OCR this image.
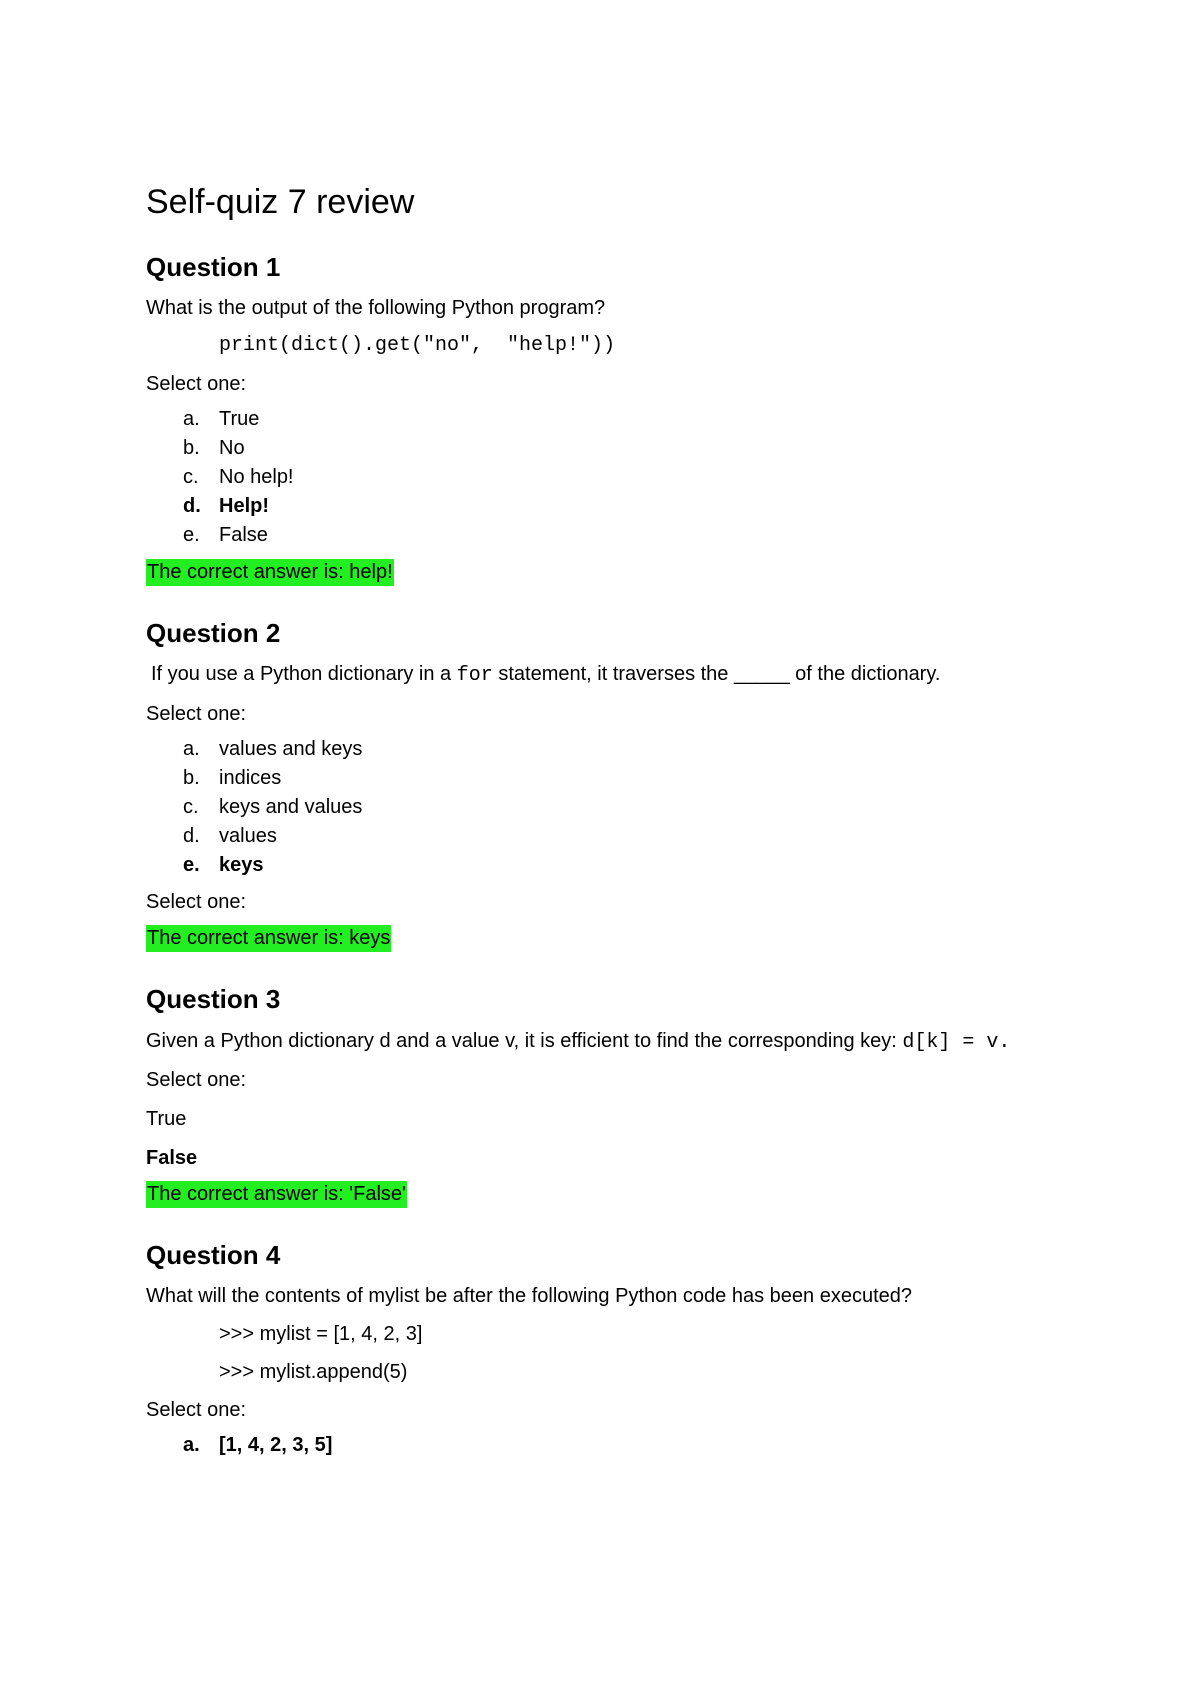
Self-quiz 7 review
Question 1

What is the output of the following Python program?

print(dict().get("no",  "help!"))

Select one:

a. True
b. No
c.	No help!
d. Help!
e. False
The correct answer is: help!
Question 2

If you use a Python dictionary in a for statement, it traverses the _____ of the dictionary.

Select one:

a. values and keys
b. indices
c.	keys and values
d. values
e. keys

Select one:

The correct answer is: keys
Question 3

Given a Python dictionary d and a value v, it is efficient to find the corresponding key: d[k] = v.

Select one:

True

False

The correct answer is: 'False'
Question 4

What will the contents of mylist be after the following Python code has been executed?

>>> mylist = [1, 4, 2, 3]

>>> mylist.append(5)

Select one:

a. [1, 4, 2, 3, 5]
